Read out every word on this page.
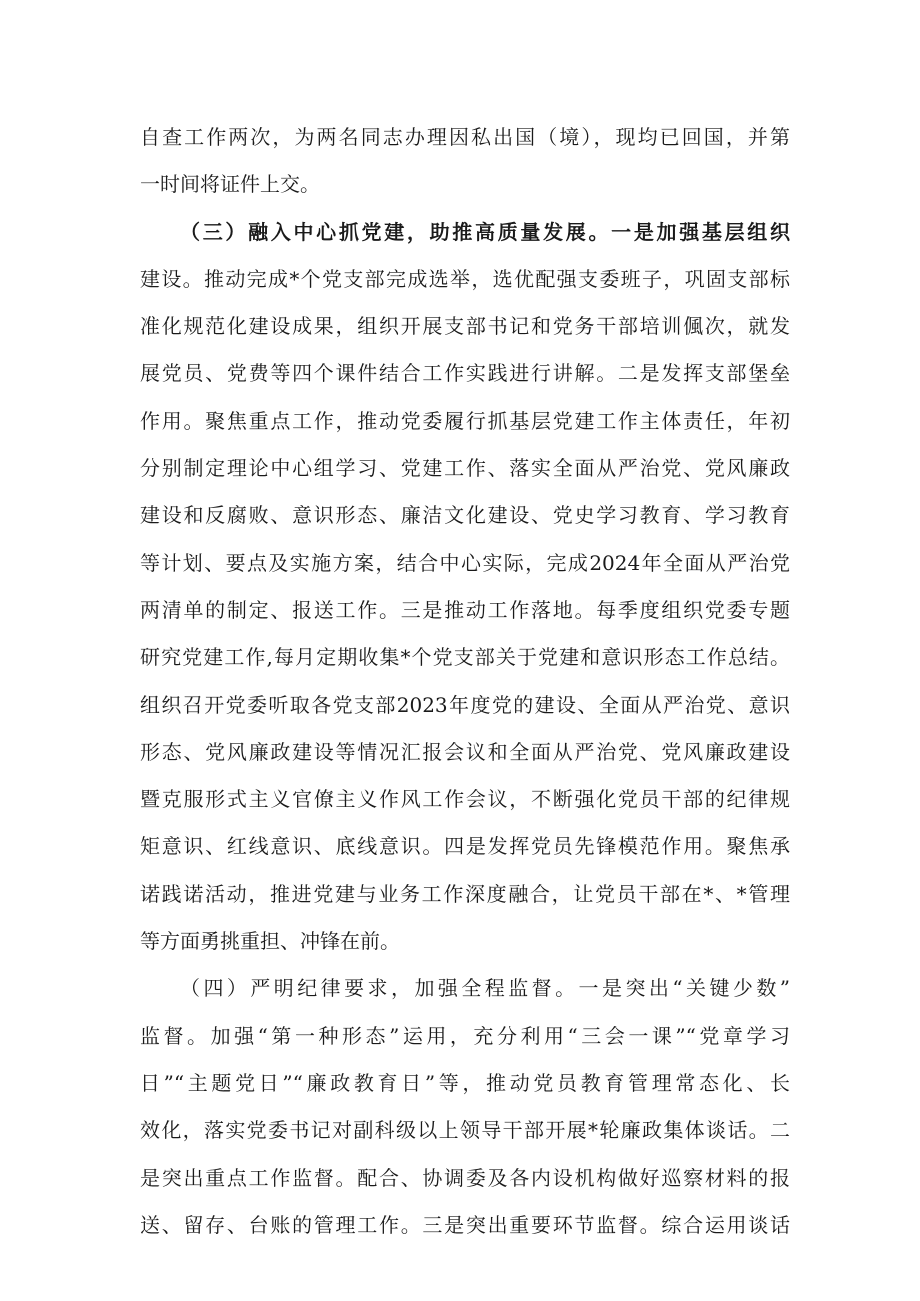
自查工作两次，为两名同志办理因私出国（境），现均已回国，并第
一时间将证件上交。
（三）融入中心抓党建，助推高质量发展。一是加强基层组织
建设。推动完成*个党支部完成选举，选优配强支委班子，巩固支部标
准化规范化建设成果，组织开展支部书记和党务干部培训偑次，就发
展党员、党费等四个课件结合工作实践进行讲解。二是发挥支部堡垒
作用。聚焦重点工作，推动党委履行抓基层党建工作主体责任，年初
分别制定理论中心组学习、党建工作、落实全面从严治党、党风廉政
建设和反腐败、意识形态、廉洁文化建设、党史学习教育、学习教育
等计划、要点及实施方案，结合中心实际，完成2024年全面从严治党
两清单的制定、报送工作。三是推动工作落地。每季度组织党委专题
研究党建工作,每月定期收集*个党支部关于党建和意识形态工作总结。
组织召开党委听取各党支部2023年度党的建设、全面从严治党、意识
形态、党风廉政建设等情况汇报会议和全面从严治党、党风廉政建设
暨克服形式主义官僚主义作风工作会议，不断强化党员干部的纪律规
矩意识、红线意识、底线意识。四是发挥党员先锋模范作用。聚焦承
诺践诺活动，推进党建与业务工作深度融合，让党员干部在*、*管理
等方面勇挑重担、冲锋在前。
（四）严明纪律要求，加强全程监督。一是突出“关键少数”
监督。加强“第一种形态”运用，充分利用“三会一课”“党章学习
日”“主题党日”“廉政教育日”等，推动党员教育管理常态化、长
效化，落实党委书记对副科级以上领导干部开展*轮廉政集体谈话。二
是突出重点工作监督。配合、协调委及各内设机构做好巡察材料的报
送、留存、台账的管理工作。三是突出重要环节监督。综合运用谈话
